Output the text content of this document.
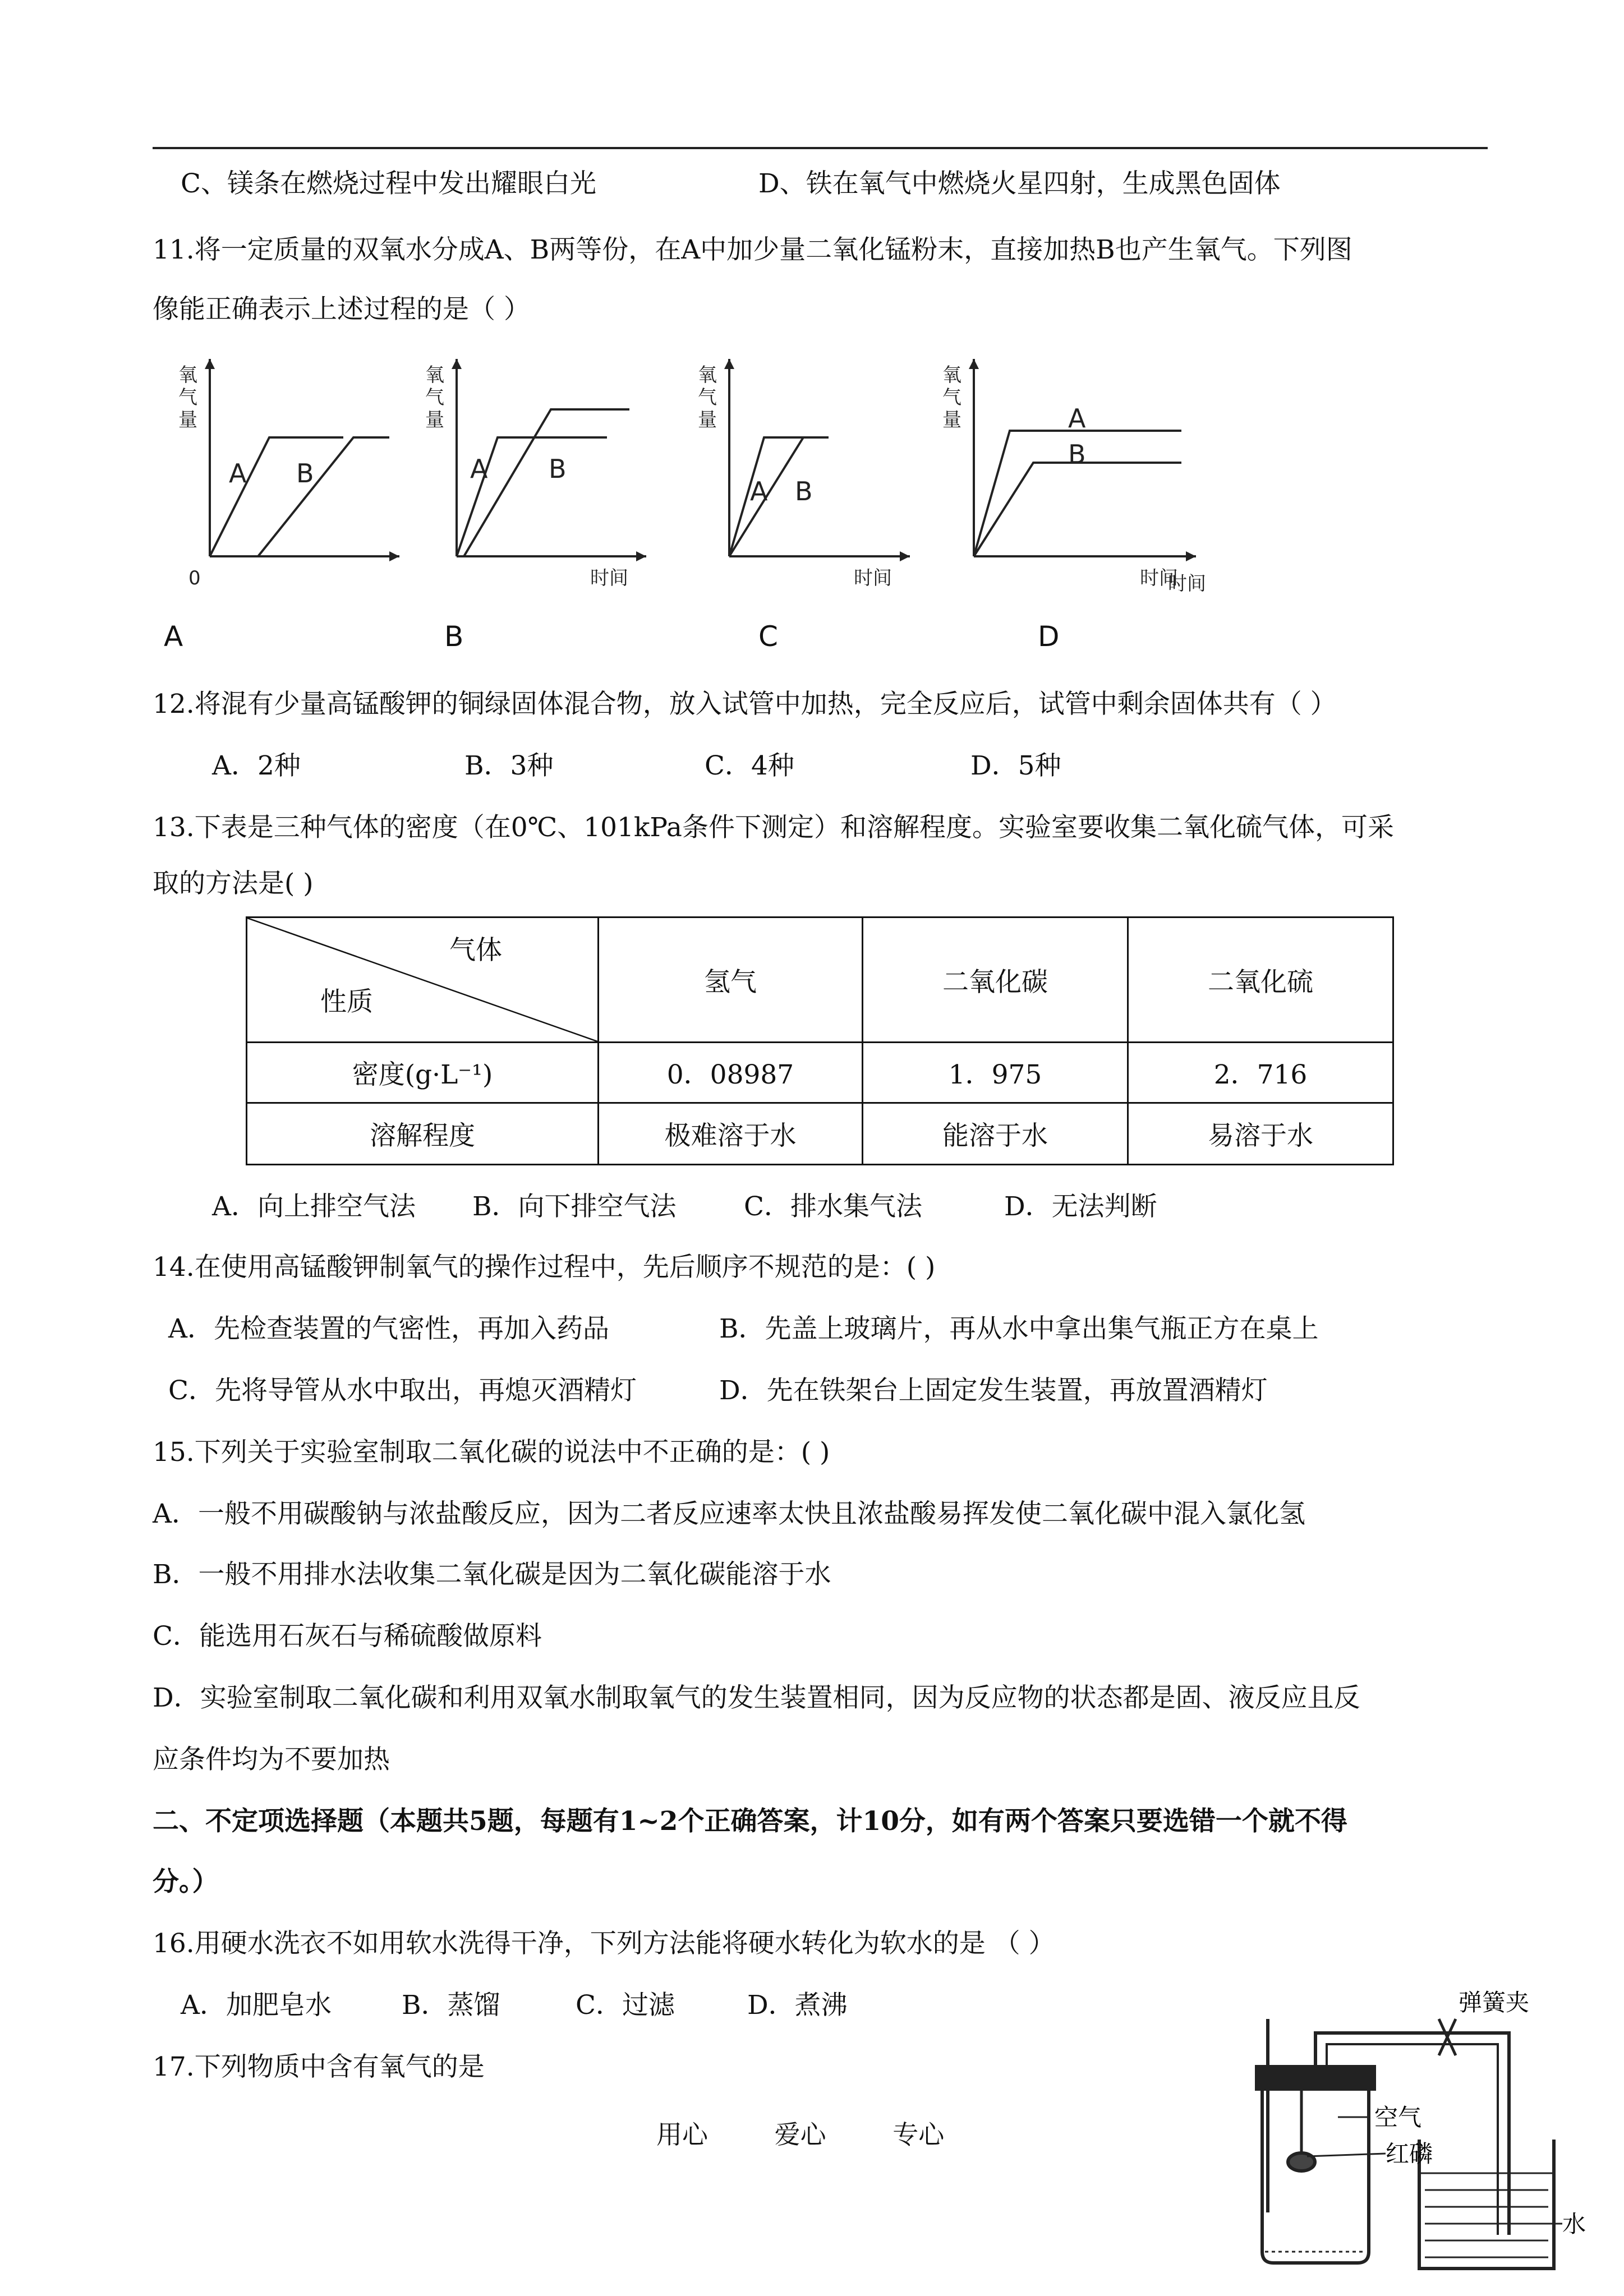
C、镁条在燃烧过程中发出耀眼白光	D、铁在氧气中燃烧火星四射，生成黑色固体
11.将一定质量的双氧水分成A、B两等份，在A中加少量二氧化锰粉末，直接加热B也产生氧气。下列图
像能正确表示上述过程的是（ ）
A B
氧
气
量
0
A B
氧
气
量
时间
A B
氧
气
量
时间
A
B
氧
气
量
时间
时间
A	B	C	D
12.将混有少量高锰酸钾的铜绿固体混合物，放入试管中加热，完全反应后，试管中剩余固体共有（ ）
A．2种	B．3种	C．4种	D．5种
13.下表是三种气体的密度（在0℃、101kPa条件下测定）和溶解程度。实验室要收集二氧化硫气体，可采
取的方法是( )
气体
性质	氢气	二氧化碳	二氧化硫
密度(g·L⁻¹)	0．08987	1．975	2．716
溶解程度	极难溶于水	能溶于水	易溶于水
A．向上排空气法 B．向下排空气法	C．排水集气法	D．无法判断
14.在使用高锰酸钾制氧气的操作过程中，先后顺序不规范的是：( )
A．先检查装置的气密性，再加入药品	B．先盖上玻璃片，再从水中拿出集气瓶正方在桌上
C．先将导管从水中取出，再熄灭酒精灯	D．先在铁架台上固定发生装置，再放置酒精灯
15.下列关于实验室制取二氧化碳的说法中不正确的是：( )
A．一般不用碳酸钠与浓盐酸反应，因为二者反应速率太快且浓盐酸易挥发使二氧化碳中混入氯化氢
B．一般不用排水法收集二氧化碳是因为二氧化碳能溶于水
C．能选用石灰石与稀硫酸做原料
D．实验室制取二氧化碳和利用双氧水制取氧气的发生装置相同，因为反应物的状态都是固、液反应且反
应条件均为不要加热
二、不定项选择题（本题共5题，每题有1~2个正确答案，计10分，如有两个答案只要选错一个就不得
分。）
16.用硬水洗衣不如用软水洗得干净，下列方法能将硬水转化为软水的是 （ ）
A．加肥皂水	B．蒸馏	C．过滤	D．煮沸
17.下列物质中含有氧气的是
弹簧夹
空气
红磷
水
用心	爱心	专心
